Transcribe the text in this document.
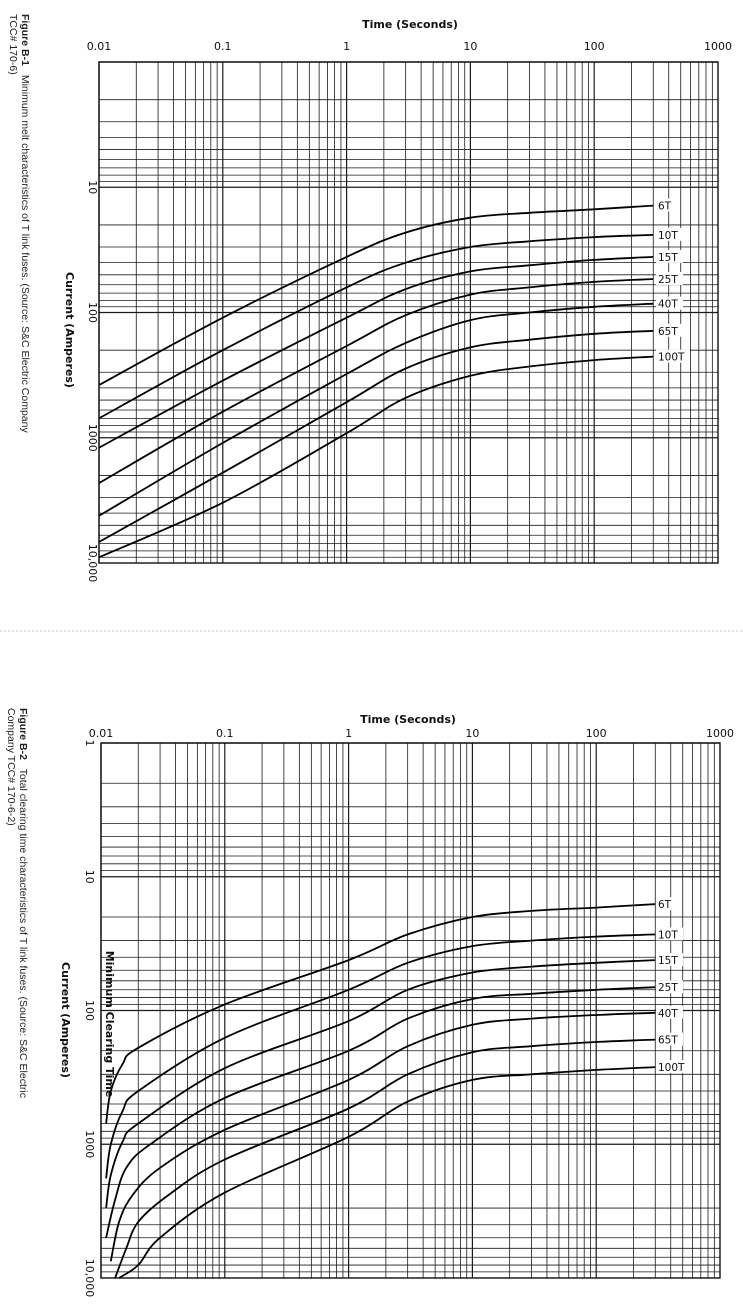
0.01	0.1	1	10	100	1000
10
100
1000
10,000
6T
10T
15T
25T
40T
65T
100T
Time (Seconds)
Current (Amperes)
Figure B-1 Minimum melt characteristics of T link fuses. (Source: S&C Electric Company
TCC# 170-6)
0.01	0.1	1	10	100	1000
1
10
100
1000
10,000
6T
10T
15T
25T
40T
65T
100T
Time (Seconds)
Current (Amperes)	Minimum Clearing Time
Figure B-2 Total clearing time characteristics of T link fuses. (Source: S&C Electric
Company TCC# 170-6-2)
